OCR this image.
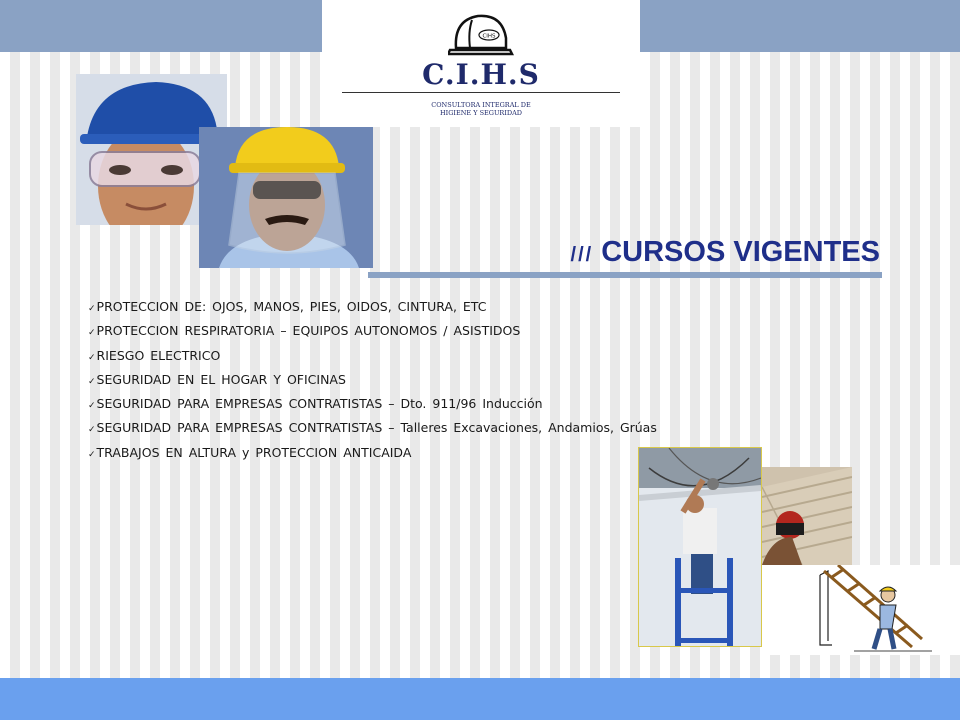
CIHS
C.I.H.S
CONSULTORA INTEGRAL DE
HIGIENE Y SEGURIDAD
/// CURSOS VIGENTES
✓PROTECCION DE: OJOS, MANOS, PIES, OIDOS, CINTURA, ETC
✓PROTECCION RESPIRATORIA – EQUIPOS AUTONOMOS / ASISTIDOS
✓RIESGO ELECTRICO
✓SEGURIDAD EN EL HOGAR Y OFICINAS
✓SEGURIDAD PARA EMPRESAS CONTRATISTAS – Dto. 911/96 Inducción
✓SEGURIDAD PARA EMPRESAS CONTRATISTAS – Talleres Excavaciones, Andamios, Grúas
✓TRABAJOS EN ALTURA y PROTECCION ANTICAIDA
